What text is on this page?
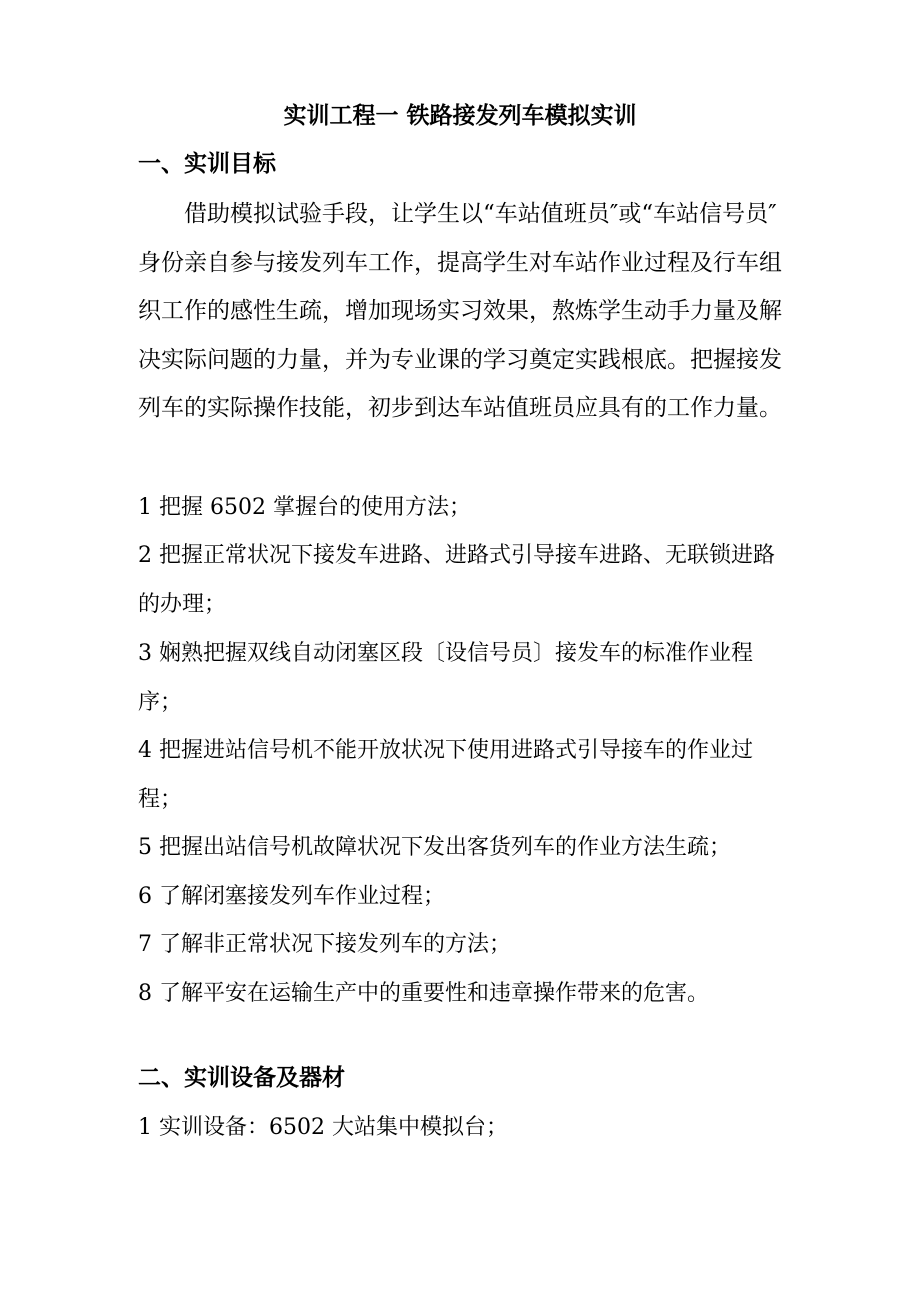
实训工程一 铁路接发列车模拟实训
一、实训目标

借助模拟试验手段，让学生以“车站值班员″或“车站信号员″身份亲自参与接发列车工作，提高学生对车站作业过程及行车组织工作的感性生疏，增加现场实习效果，熬炼学生动手力量及解决实际问题的力量，并为专业课的学习奠定实践根底。把握接发列车的实际操作技能，初步到达车站值班员应具有的工作力量。

1 把握 6502 掌握台的使用方法；

2 把握正常状况下接发车进路、进路式引导接车进路、无联锁进路的办理；

3 娴熟把握双线自动闭塞区段〔设信号员〕接发车的标准作业程序；

4 把握进站信号机不能开放状况下使用进路式引导接车的作业过程；

5 把握出站信号机故障状况下发出客货列车的作业方法生疏；

6 了解闭塞接发列车作业过程；

7 了解非正常状况下接发列车的方法；

8 了解平安在运输生产中的重要性和违章操作带来的危害。

二、实训设备及器材

1 实训设备：6502 大站集中模拟台；
